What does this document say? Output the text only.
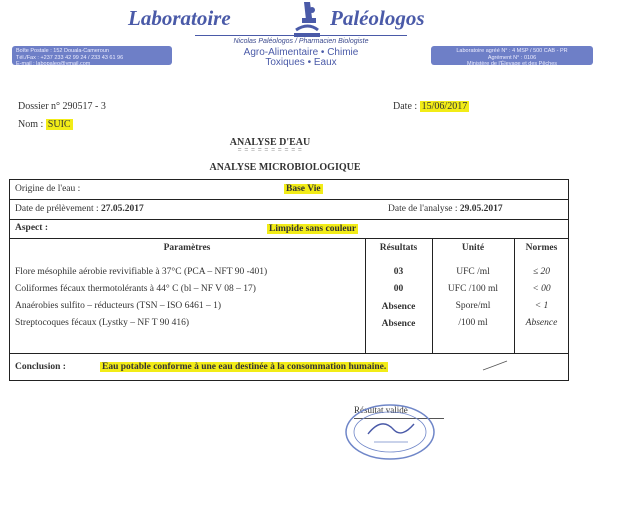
Laboratoire	Paléologos
Nicolas Paléologos / Pharmacien Biologiste
Agro-Alimentaire • Chimie
Toxiques • Eaux
Boîte Postale : 152 Douala-Cameroun
Tél./Fax : +237 233 42 99 24 / 233 43 61 96
E-mail : labopaleo@ymail.com
Laboratoire agréé N° : 4 MSP / 500 CAB - PR
Agrément N° : 0106
Ministère de l'Élevage et des Pêches
Dossier n° 290517 - 3	Date : 15/06/2017
Nom : SUIC
ANALYSE D'EAU
= = = = = = = = = =
ANALYSE MICROBIOLOGIQUE
Origine de l'eau :	Base Vie
Date de prélèvement : 27.05.2017	Date de l'analyse : 29.05.2017
Aspect :	Limpide sans couleur
Paramètres	Résultats	Unité	Normes
Flore mésophile aérobie revivifiable à 37°C (PCA – NFT 90 -401)	03	UFC /ml	≤ 20
Coliformes fécaux thermotolérants à 44° C (bl – NF V 08 – 17)	00	UFC /100 ml	< 00
Anaérobies sulfito – réducteurs (TSN – ISO 6461 – 1)	Absence	Spore/ml	< 1
Streptocoques fécaux (Lystky – NF T 90 416)	Absence	/100 ml	Absence
Conclusion :	Eau potable conforme à une eau destinée à la consommation humaine.
Résultat validé
